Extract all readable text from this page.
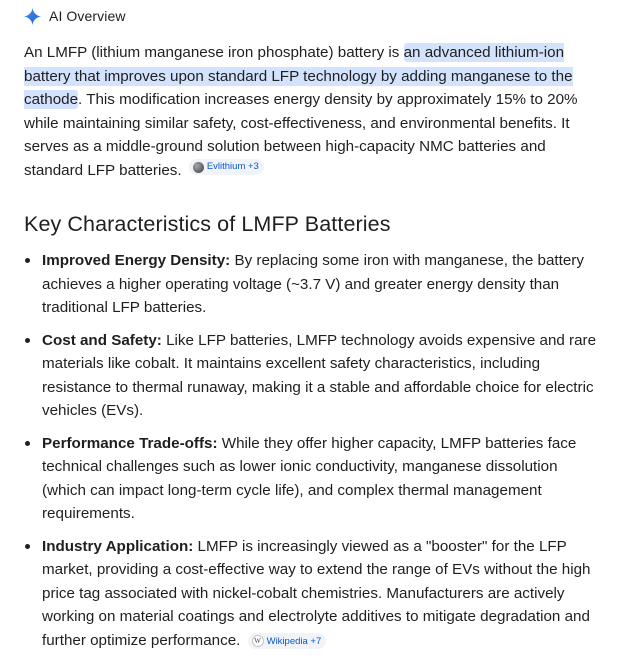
AI Overview

An LMFP (lithium manganese iron phosphate) battery is an advanced lithium-ion battery that improves upon standard LFP technology by adding manganese to the cathode. This modification increases energy density by approximately 15% to 20% while maintaining similar safety, cost-effectiveness, and environmental benefits. It serves as a middle-ground solution between high-capacity NMC batteries and standard LFP batteries.	Evlithium +3

Key Characteristics of LMFP Batteries
Improved Energy Density: By replacing some iron with manganese, the battery achieves a higher operating voltage (~3.7 V) and greater energy density than traditional LFP batteries.
Cost and Safety: Like LFP batteries, LMFP technology avoids expensive and rare materials like cobalt. It maintains excellent safety characteristics, including resistance to thermal runaway, making it a stable and affordable choice for electric vehicles (EVs).
Performance Trade-offs: While they offer higher capacity, LMFP batteries face technical challenges such as lower ionic conductivity, manganese dissolution (which can impact long-term cycle life), and complex thermal management requirements.
Industry Application: LMFP is increasingly viewed as a "booster" for the LFP market, providing a cost-effective way to extend the range of EVs without the high price tag associated with nickel-cobalt chemistries. Manufacturers are actively working on material coatings and electrolyte additives to mitigate degradation and further optimize performance.	W Wikipedia +7
